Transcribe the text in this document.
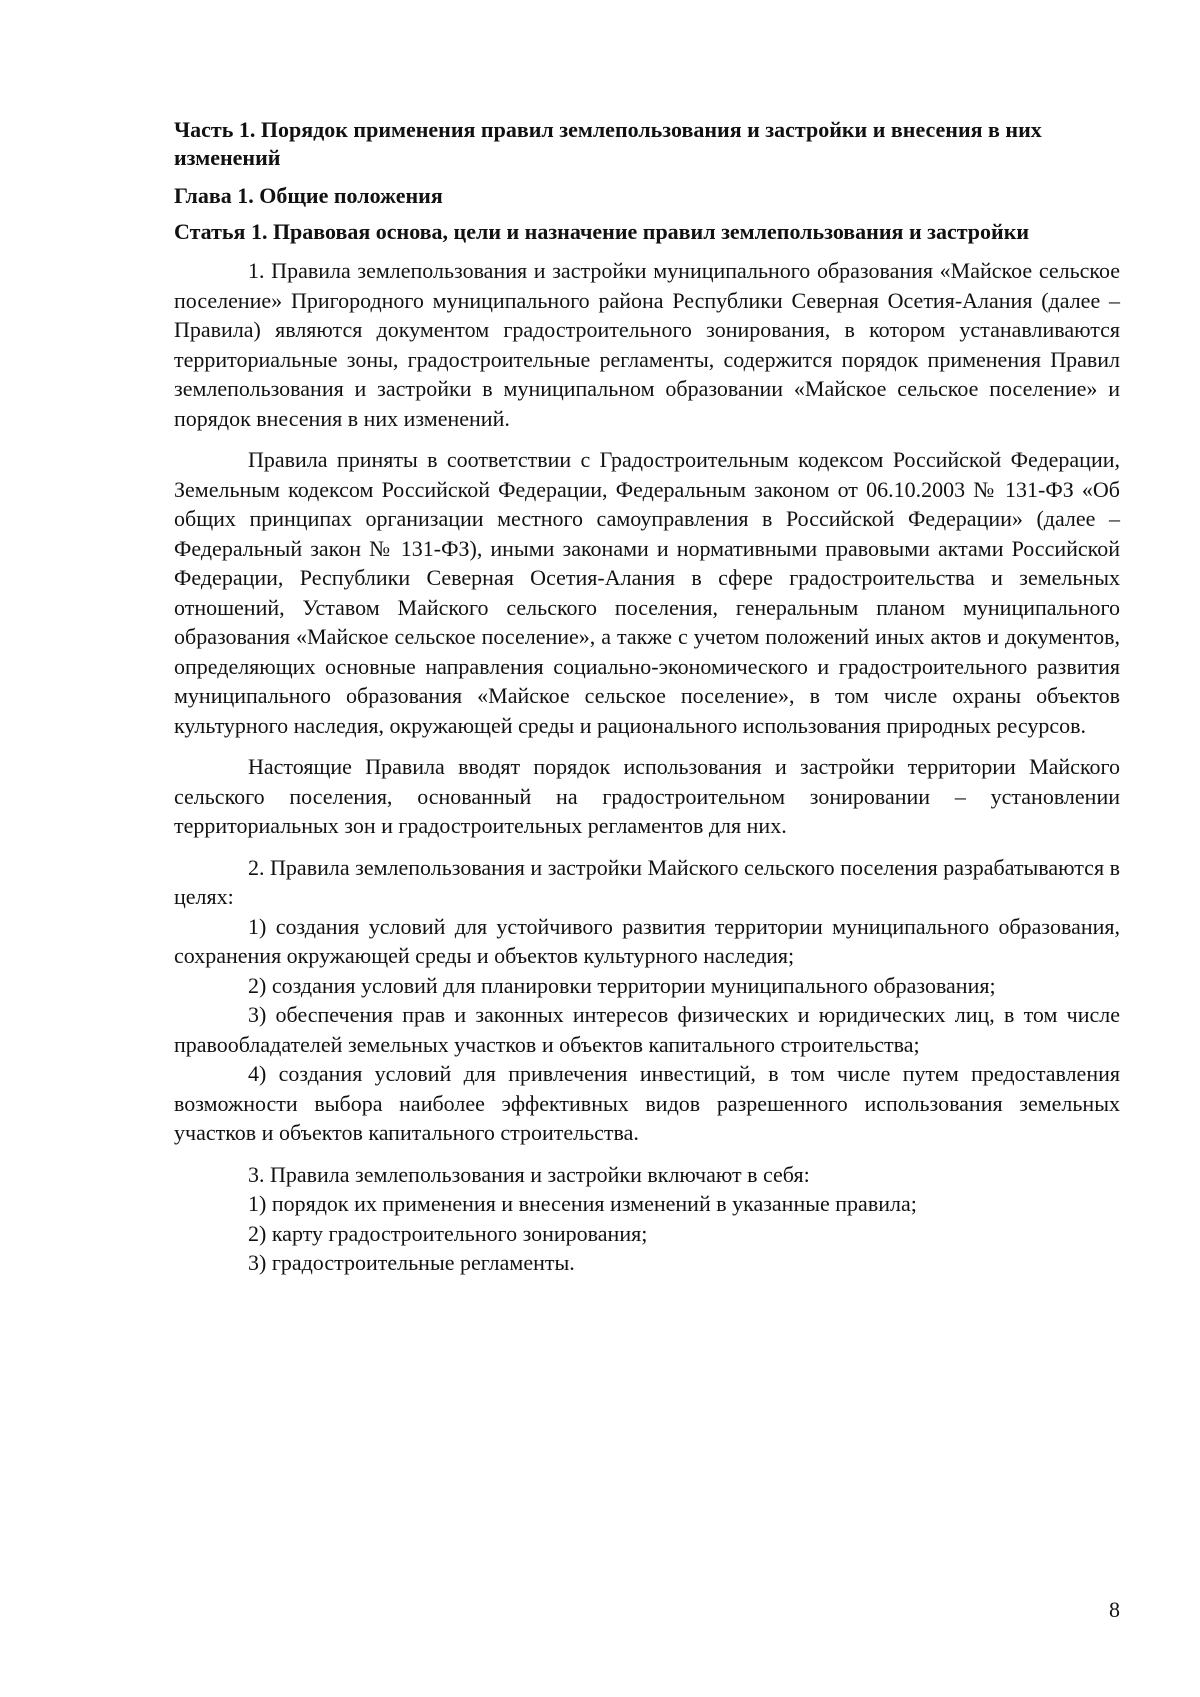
Часть 1. Порядок применения правил землепользования и застройки и внесения в них изменений
Глава 1. Общие положения
Статья 1. Правовая основа, цели и назначение правил землепользования и застройки

1. Правила землепользования и застройки муниципального образования «Майское сельское поселение» Пригородного муниципального района Республики Северная Осетия-Алания (далее – Правила) являются документом градостроительного зонирования, в котором устанавливаются территориальные зоны, градостроительные регламенты, содержится порядок применения Правил землепользования и застройки в муниципальном образовании «Майское сельское поселение» и порядок внесения в них изменений.

Правила приняты в соответствии с Градостроительным кодексом Российской Федерации, Земельным кодексом Российской Федерации, Федеральным законом от 06.10.2003 № 131-ФЗ «Об общих принципах организации местного самоуправления в Российской Федерации» (далее – Федеральный закон № 131-ФЗ), иными законами и нормативными правовыми актами Российской Федерации, Республики Северная Осетия-Алания в сфере градостроительства и земельных отношений, Уставом Майского сельского поселения, генеральным планом муниципального образования «Майское сельское поселение», а также с учетом положений иных актов и документов, определяющих основные направления социально-экономического и градостроительного развития муниципального образования «Майское сельское поселение», в том числе охраны объектов культурного наследия, окружающей среды и рационального использования природных ресурсов.

Настоящие Правила вводят порядок использования и застройки территории Майского сельского поселения, основанный на градостроительном зонировании – установлении территориальных зон и градостроительных регламентов для них.

2. Правила землепользования и застройки Майского сельского поселения разрабатываются в целях:

1) создания условий для устойчивого развития территории муниципального образования, сохранения окружающей среды и объектов культурного наследия;

2) создания условий для планировки территории муниципального образования;

3) обеспечения прав и законных интересов физических и юридических лиц, в том числе правообладателей земельных участков и объектов капитального строительства;

4) создания условий для привлечения инвестиций, в том числе путем предоставления возможности выбора наиболее эффективных видов разрешенного использования земельных участков и объектов капитального строительства.

3. Правила землепользования и застройки включают в себя:

1) порядок их применения и внесения изменений в указанные правила;

2) карту градостроительного зонирования;

3) градостроительные регламенты.

8
